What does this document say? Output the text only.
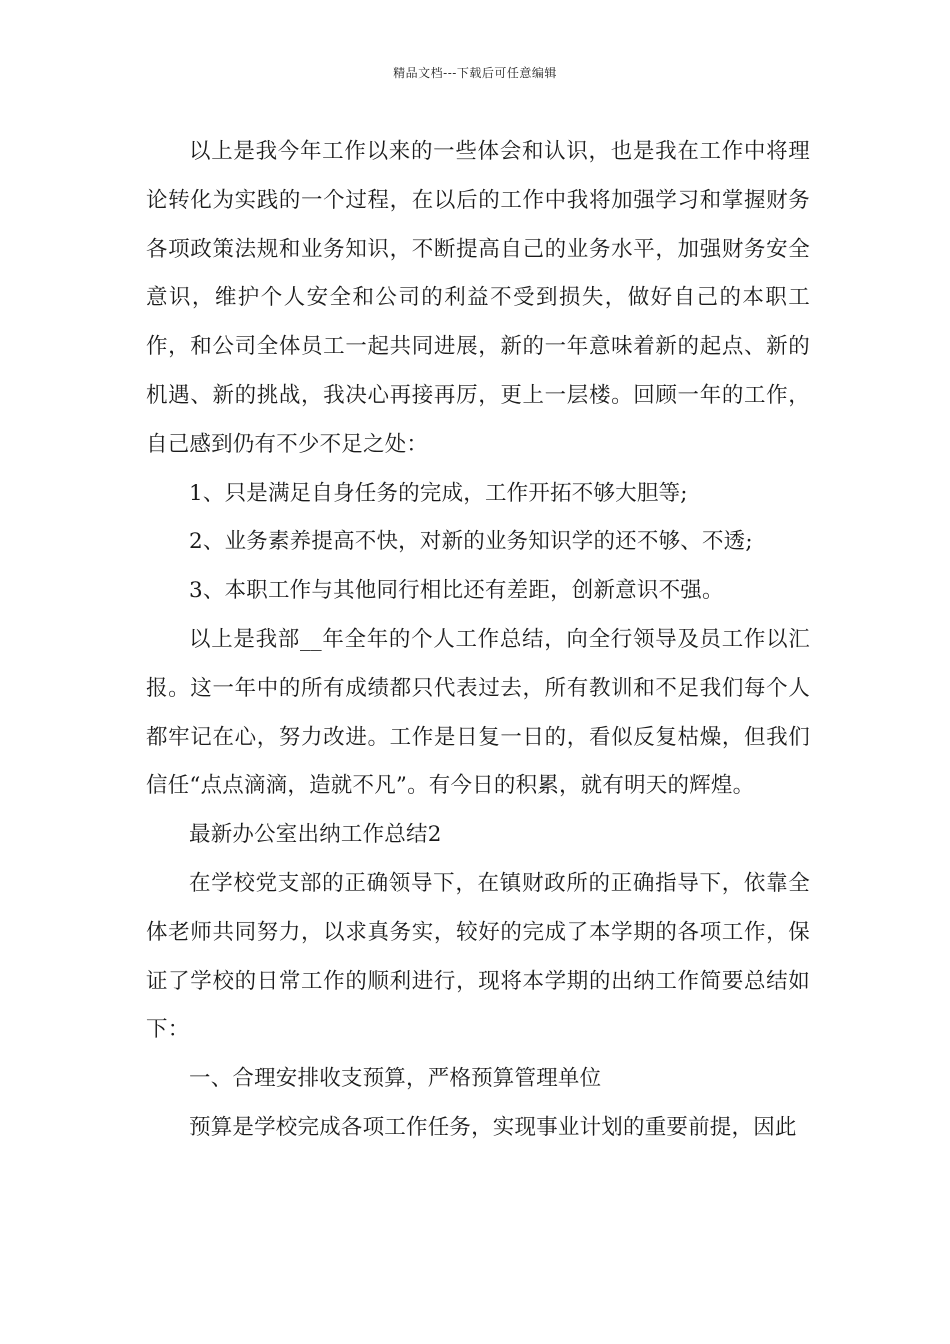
精品文档---下载后可任意编辑

以上是我今年工作以来的一些体会和认识，也是我在工作中将理论转化为实践的一个过程，在以后的工作中我将加强学习和掌握财务各项政策法规和业务知识，不断提高自己的业务水平，加强财务安全意识，维护个人安全和公司的利益不受到损失，做好自己的本职工作，和公司全体员工一起共同进展，新的一年意味着新的起点、新的机遇、新的挑战，我决心再接再厉，更上一层楼。回顾一年的工作，自己感到仍有不少不足之处：

1、只是满足自身任务的完成，工作开拓不够大胆等;

2、业务素养提高不快，对新的业务知识学的还不够、不透;

3、本职工作与其他同行相比还有差距，创新意识不强。

以上是我部__年全年的个人工作总结，向全行领导及员工作以汇报。这一年中的所有成绩都只代表过去，所有教训和不足我们每个人都牢记在心，努力改进。工作是日复一日的，看似反复枯燥，但我们信任“点点滴滴，造就不凡”。有今日的积累，就有明天的辉煌。

最新办公室出纳工作总结2

在学校党支部的正确领导下，在镇财政所的正确指导下，依靠全体老师共同努力，以求真务实，较好的完成了本学期的各项工作，保证了学校的日常工作的顺利进行，现将本学期的出纳工作简要总结如下：

一、合理安排收支预算，严格预算管理单位

预算是学校完成各项工作任务，实现事业计划的重要前提，因此
